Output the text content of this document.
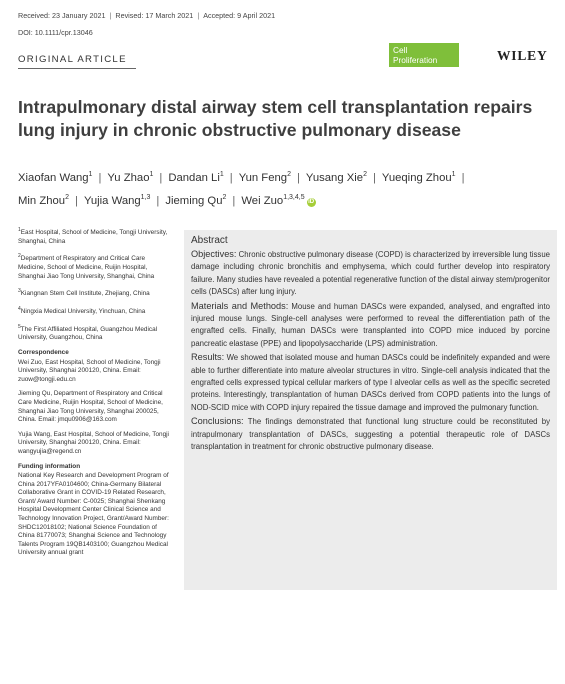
Received: 23 January 2021 | Revised: 17 March 2021 | Accepted: 9 April 2021
DOI: 10.1111/cpr.13046
ORIGINAL ARTICLE
Cell
Proliferation	WILEY
Intrapulmonary distal airway stem cell transplantation repairs lung injury in chronic obstructive pulmonary disease
Xiaofan Wang$^1$ | Yu Zhao$^1$ | Dandan Li$^1$ | Yun Feng$^2$ | Yusang Xie$^2$ | Yueqing Zhou$^1$ |
Min Zhou$^2$ | Yujia Wang$^{1,3}$ | Jieming Qu$^2$ | Wei Zuo$^{1,3,4,5}$iD

$^1$East Hospital, School of Medicine, Tongji University, Shanghai, China

$^2$Department of Respiratory and Critical Care Medicine, School of Medicine, Ruijin Hospital, Shanghai Jiao Tong University, Shanghai, China

$^3$Kiangnan Stem Cell Institute, Zhejiang, China

$^4$Ningxia Medical University, Yinchuan, China

$^5$The First Affiliated Hospital, Guangzhou Medical University, Guangzhou, China

Correspondence

Wei Zuo, East Hospital, School of Medicine, Tongji University, Shanghai 200120, China. Email: zuow@tongji.edu.cn

Jieming Qu, Department of Respiratory and Critical Care Medicine, Ruijin Hospital, School of Medicine, Shanghai Jiao Tong University, Shanghai 200025, China. Email: jmqu0906@163.com

Yujia Wang, East Hospital, School of Medicine, Tongji University, Shanghai 200120, China. Email: wangyujia@regend.cn

Funding information

National Key Research and Development Program of China 2017YFA0104600; China-Germany Bilateral Collaborative Grant in COVID-19 Related Research, Grant/ Award Number: C-0025; Shanghai Shenkang Hospital Development Center Clinical Science and Technology Innovation Project, Grant/Award Number: SHDC12018102; National Science Foundation of China 81770073; Shanghai Science and Technology Talents Program 19QB1403100; Guangzhou Medical University annual grant

Abstract

Objectives: Chronic obstructive pulmonary disease (COPD) is characterized by irreversible lung tissue damage including chronic bronchitis and emphysema, which could further develop into respiratory failure. Many studies have revealed a potential regenerative function of the distal airway stem/progenitor cells (DASCs) after lung injury.

Materials and Methods: Mouse and human DASCs were expanded, analysed, and engrafted into injured mouse lungs. Single-cell analyses were performed to reveal the differentiation path of the engrafted cells. Finally, human DASCs were transplanted into COPD mice induced by porcine pancreatic elastase (PPE) and lipopolysaccharide (LPS) administration.

Results: We showed that isolated mouse and human DASCs could be indefinitely expanded and were able to further differentiate into mature alveolar structures in vitro. Single-cell analysis indicated that the engrafted cells expressed typical cellular markers of type I alveolar cells as well as the specific secreted proteins. Interestingly, transplantation of human DASCs derived from COPD patients into the lungs of NOD-SCID mice with COPD injury repaired the tissue damage and improved the pulmonary function.

Conclusions: The findings demonstrated that functional lung structure could be reconstituted by intrapulmonary transplantation of DASCs, suggesting a potential therapeutic role of DASCs transplantation in treatment for chronic obstructive pulmonary disease.
